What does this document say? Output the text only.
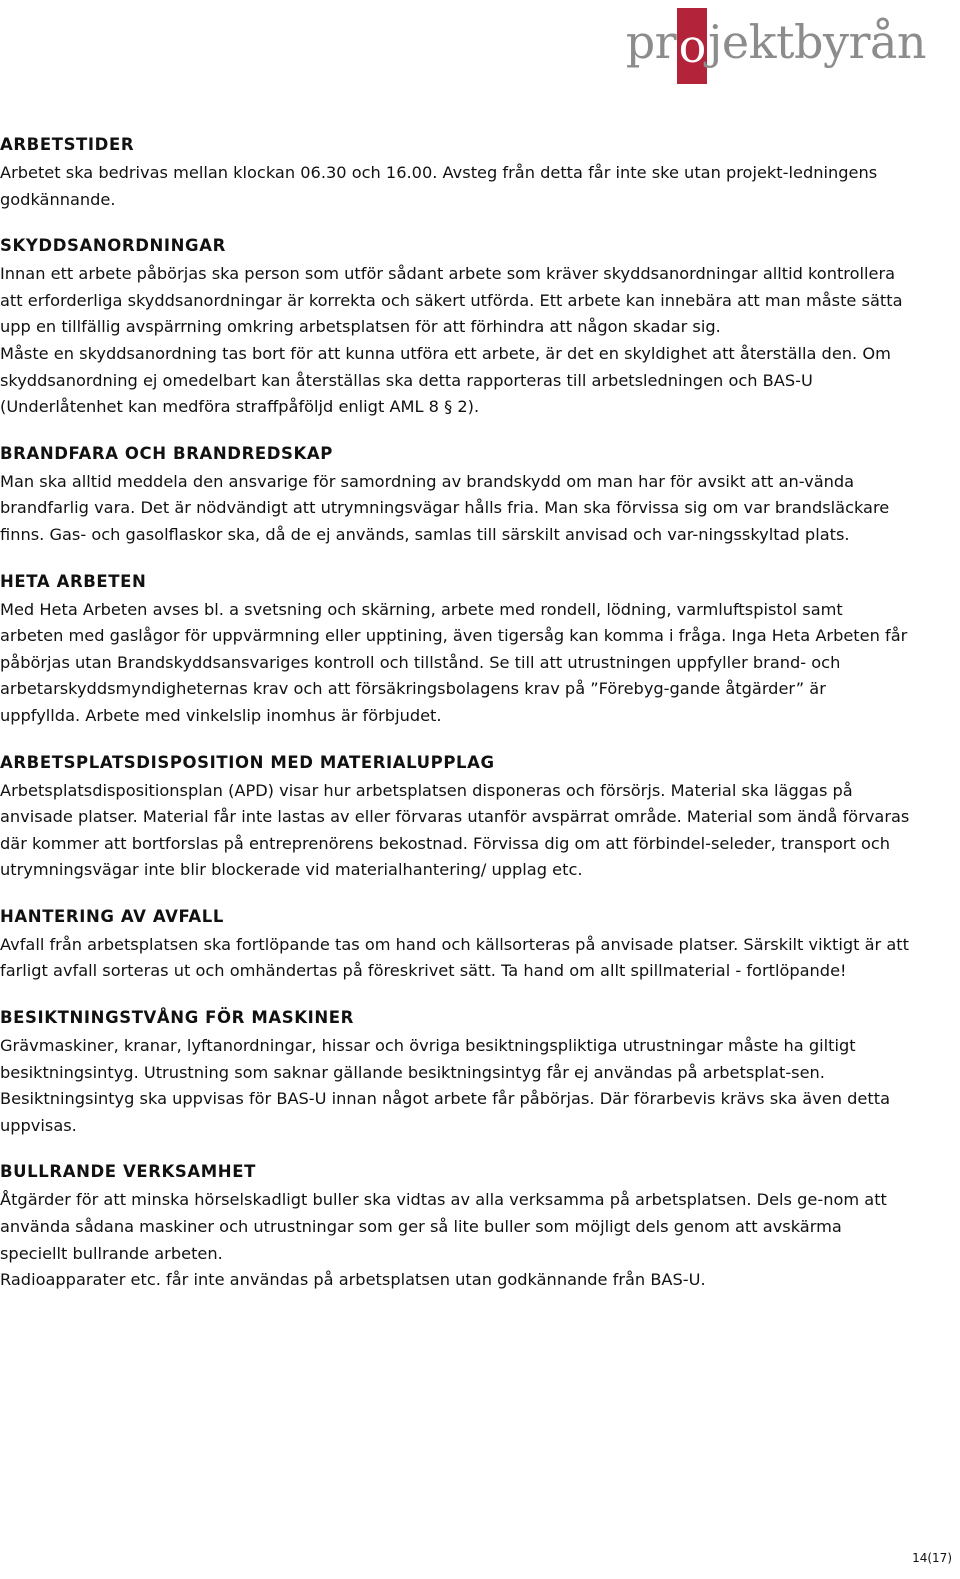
pr o jektbyrån
ARBETSTIDER

Arbetet ska bedrivas mellan klockan 06.30 och 16.00. Avsteg från detta får inte ske utan projekt-ledningens godkännande.

SKYDDSANORDNINGAR

Innan ett arbete påbörjas ska person som utför sådant arbete som kräver skyddsanordningar alltid kontrollera att erforderliga skyddsanordningar är korrekta och säkert utförda. Ett arbete kan innebära att man måste sätta upp en tillfällig avspärrning omkring arbetsplatsen för att förhindra att någon skadar sig.

Måste en skyddsanordning tas bort för att kunna utföra ett arbete, är det en skyldighet att återställa den. Om skyddsanordning ej omedelbart kan återställas ska detta rapporteras till arbetsledningen och BAS-U (Underlåtenhet kan medföra straffpåföljd enligt AML 8 § 2).

BRANDFARA OCH BRANDREDSKAP

Man ska alltid meddela den ansvarige för samordning av brandskydd om man har för avsikt att an-vända brandfarlig vara. Det är nödvändigt att utrymningsvägar hålls fria. Man ska förvissa sig om var brandsläckare finns. Gas- och gasolflaskor ska, då de ej används, samlas till särskilt anvisad och var-ningsskyltad plats.

HETA ARBETEN

Med Heta Arbeten avses bl. a svetsning och skärning, arbete med rondell, lödning, varmluftspistol samt arbeten med gaslågor för uppvärmning eller upptining, även tigersåg kan komma i fråga. Inga Heta Arbeten får påbörjas utan Brandskyddsansvariges kontroll och tillstånd. Se till att utrustningen uppfyller brand- och arbetarskyddsmyndigheternas krav och att försäkringsbolagens krav på ”Förebyg-gande åtgärder” är uppfyllda. Arbete med vinkelslip inomhus är förbjudet.

ARBETSPLATSDISPOSITION MED MATERIALUPPLAG

Arbetsplatsdispositionsplan (APD) visar hur arbetsplatsen disponeras och försörjs. Material ska läggas på anvisade platser. Material får inte lastas av eller förvaras utanför avspärrat område. Material som ändå förvaras där kommer att bortforslas på entreprenörens bekostnad. Förvissa dig om att förbindel-seleder, transport och utrymningsvägar inte blir blockerade vid materialhantering/ upplag etc.

HANTERING AV AVFALL

Avfall från arbetsplatsen ska fortlöpande tas om hand och källsorteras på anvisade platser. Särskilt viktigt är att farligt avfall sorteras ut och omhändertas på föreskrivet sätt. Ta hand om allt spillmaterial - fortlöpande!

BESIKTNINGSTVÅNG FÖR MASKINER

Grävmaskiner, kranar, lyftanordningar, hissar och övriga besiktningspliktiga utrustningar måste ha giltigt besiktningsintyg. Utrustning som saknar gällande besiktningsintyg får ej användas på arbetsplat-sen. Besiktningsintyg ska uppvisas för BAS-U innan något arbete får påbörjas. Där förarbevis krävs ska även detta uppvisas.

BULLRANDE VERKSAMHET

Åtgärder för att minska hörselskadligt buller ska vidtas av alla verksamma på arbetsplatsen. Dels ge-nom att använda sådana maskiner och utrustningar som ger så lite buller som möjligt dels genom att avskärma speciellt bullrande arbeten.

Radioapparater etc. får inte användas på arbetsplatsen utan godkännande från BAS-U.

14(17)
